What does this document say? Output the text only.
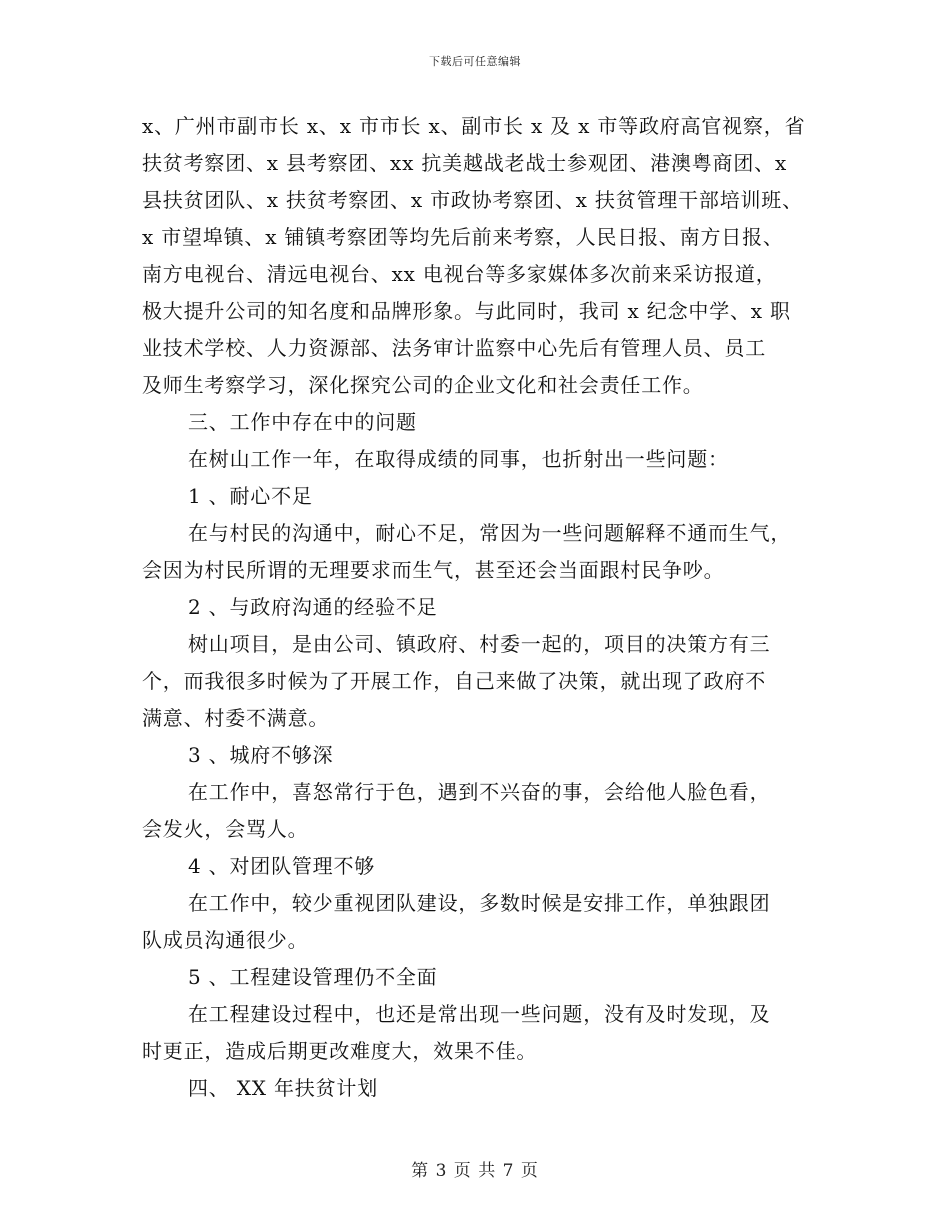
下载后可任意编辑
x、广州市副市长 x、x 市市长 x、副市长 x 及 x 市等政府高官视察，省
扶贫考察团、x 县考察团、xx 抗美越战老战士参观团、港澳粤商团、x
县扶贫团队、x 扶贫考察团、x 市政协考察团、x 扶贫管理干部培训班、
x 市望埠镇、x 铺镇考察团等均先后前来考察，人民日报、南方日报、
南方电视台、清远电视台、xx 电视台等多家媒体多次前来采访报道，
极大提升公司的知名度和品牌形象。与此同时，我司 x 纪念中学、x 职
业技术学校、人力资源部、法务审计监察中心先后有管理人员、员工
及师生考察学习，深化探究公司的企业文化和社会责任工作。
三、工作中存在中的问题
在树山工作一年，在取得成绩的同事，也折射出一些问题：
1 、耐心不足
在与村民的沟通中，耐心不足，常因为一些问题解释不通而生气，
会因为村民所谓的无理要求而生气，甚至还会当面跟村民争吵。
2 、与政府沟通的经验不足
树山项目，是由公司、镇政府、村委一起的，项目的决策方有三
个，而我很多时候为了开展工作，自己来做了决策，就出现了政府不
满意、村委不满意。
3 、城府不够深
在工作中，喜怒常行于色，遇到不兴奋的事，会给他人脸色看，
会发火，会骂人。
4 、对团队管理不够
在工作中，较少重视团队建设，多数时候是安排工作，单独跟团
队成员沟通很少。
5 、工程建设管理仍不全面
在工程建设过程中，也还是常出现一些问题，没有及时发现，及
时更正，造成后期更改难度大，效果不佳。
四、 XX 年扶贫计划
第 3 页 共 7 页
